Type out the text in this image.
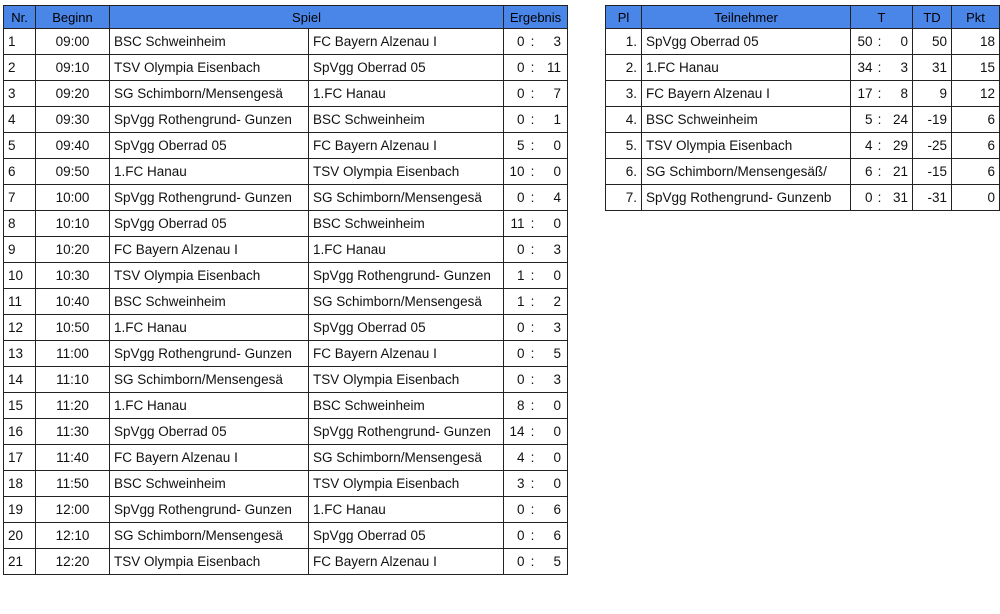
Nr.	Beginn	Spiel		Ergebnis
1	09:00	BSC Schweinheim	FC Bayern Alzenau I	0 : 3

2	09:10	TSV Olympia Eisenbach	SpVgg Oberrad 05	0 : 11

3	09:20	SG Schimborn/Mensengesä	1.FC Hanau	0 : 7

4	09:30	SpVgg Rothengrund- Gunzen	BSC Schweinheim	0 : 1

5	09:40	SpVgg Oberrad 05	FC Bayern Alzenau I	5 : 0

6	09:50	1.FC Hanau	TSV Olympia Eisenbach	10 : 0

7	10:00	SpVgg Rothengrund- Gunzen	SG Schimborn/Mensengesä	0 : 4

8	10:10	SpVgg Oberrad 05	BSC Schweinheim	11 : 0

9	10:20	FC Bayern Alzenau I	1.FC Hanau	0 : 3

10	10:30	TSV Olympia Eisenbach	SpVgg Rothengrund- Gunzen	1 : 0

11	10:40	BSC Schweinheim	SG Schimborn/Mensengesä	1 : 2

12	10:50	1.FC Hanau	SpVgg Oberrad 05	0 : 3

13	11:00	SpVgg Rothengrund- Gunzen	FC Bayern Alzenau I	0 : 5

14	11:10	SG Schimborn/Mensengesä	TSV Olympia Eisenbach	0 : 3

15	11:20	1.FC Hanau	BSC Schweinheim	8 : 0

16	11:30	SpVgg Oberrad 05	SpVgg Rothengrund- Gunzen	14 : 0

17	11:40	FC Bayern Alzenau I	SG Schimborn/Mensengesä	4 : 0

18	11:50	BSC Schweinheim	TSV Olympia Eisenbach	3 : 0

19	12:00	SpVgg Rothengrund- Gunzen	1.FC Hanau	0 : 6

20	12:10	SG Schimborn/Mensengesä	SpVgg Oberrad 05	0 : 6

21	12:20	TSV Olympia Eisenbach	FC Bayern Alzenau I	0 : 5
Pl	Teilnehmer	T	TD	Pkt
1.	SpVgg Oberrad 05	50 : 0	50	18
2.	1.FC Hanau	34 : 3	31	15
3.	FC Bayern Alzenau I	17 : 8	9	12
4.	BSC Schweinheim	5 : 24	-19	6
5.	TSV Olympia Eisenbach	4 : 29	-25	6
6.	SG Schimborn/Mensengesäß/	6 : 21	-15	6
7.	SpVgg Rothengrund- Gunzenb	0 : 31	-31	0
